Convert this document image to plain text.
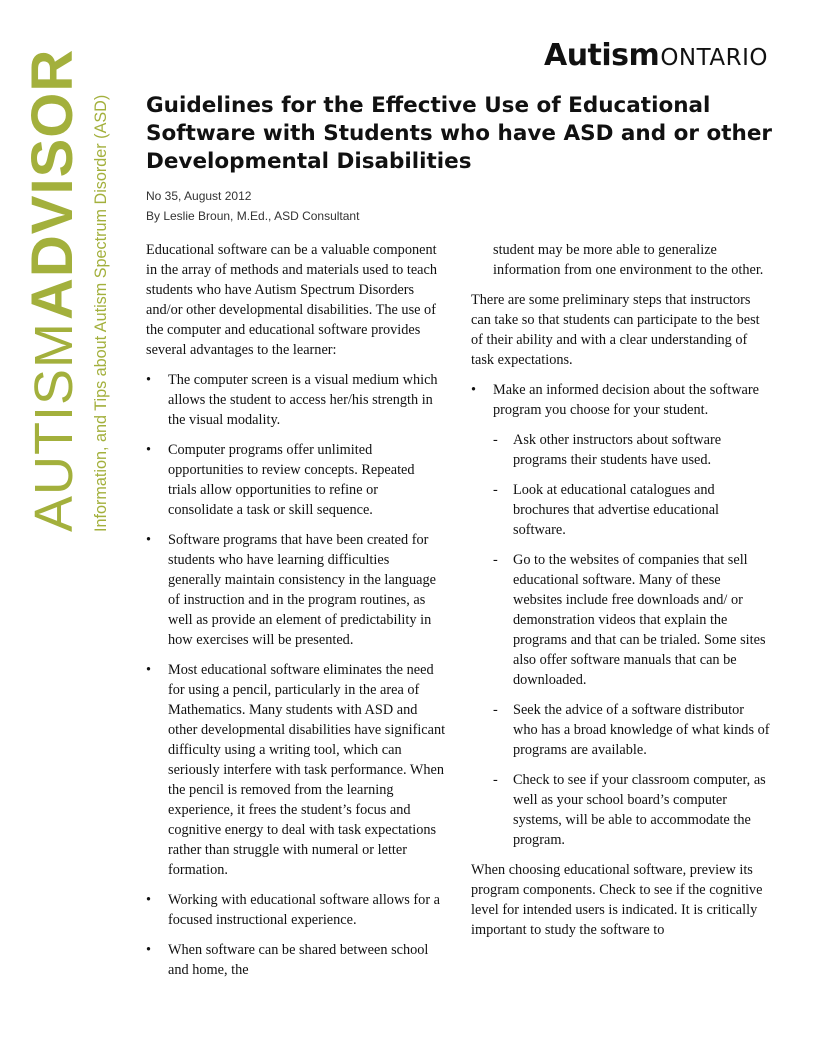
AutismONTARIO
AUTISMADVISOR Information, and Tips about Autism Spectrum Disorder (ASD) Guidelines for the Effective Use of Educational Software with Students who have ASD and or other Developmental Disabilities
No 35, August 2012
By Leslie Broun, M.Ed., ASD Consultant

Educational software can be a valuable component in the array of methods and materials used to teach students who have Autism Spectrum Disorders and/or other developmental disabilities. The use of the computer and educational software provides several advantages to the learner:

•	The computer screen is a visual medium which allows the student to access her/his strength in the visual modality.
•	Computer programs offer unlimited opportunities to review concepts. Repeated trials allow opportunities to refine or consolidate a task or skill sequence.
•	Software programs that have been created for students who have learning difficulties generally maintain consistency in the language of instruction and in the program routines, as well as provide an element of predictability in how exercises will be presented.
•	Most educational software eliminates the need for using a pencil, particularly in the area of Mathematics. Many students with ASD and other developmental disabilities have significant difficulty using a writing tool, which can seriously interfere with task performance. When the pencil is removed from the learning experience, it frees the student’s focus and cognitive energy to deal with task expectations rather than struggle with numeral or letter formation.
•	Working with educational software allows for a focused instructional experience.
•	When software can be shared between school and home, the
student may be more able to generalize information from one environment to the other.

There are some preliminary steps that instructors can take so that students can participate to the best of their ability and with a clear understanding of task expectations.

•	Make an informed decision about the software program you choose for your student.
-	Ask other instructors about software programs their students have used.
-	Look at educational catalogues and brochures that advertise educational software.
-	Go to the websites of companies that sell educational software. Many of these websites include free downloads and/ or demonstration videos that explain the programs and that can be trialed. Some sites also offer software manuals that can be downloaded.
-	Seek the advice of a software distributor who has a broad knowledge of what kinds of programs are available.
-	Check to see if your classroom computer, as well as your school board’s computer systems, will be able to accommodate the program.

When choosing educational software, preview its program components. Check to see if the cognitive level for intended users is indicated. It is critically important to study the software to
